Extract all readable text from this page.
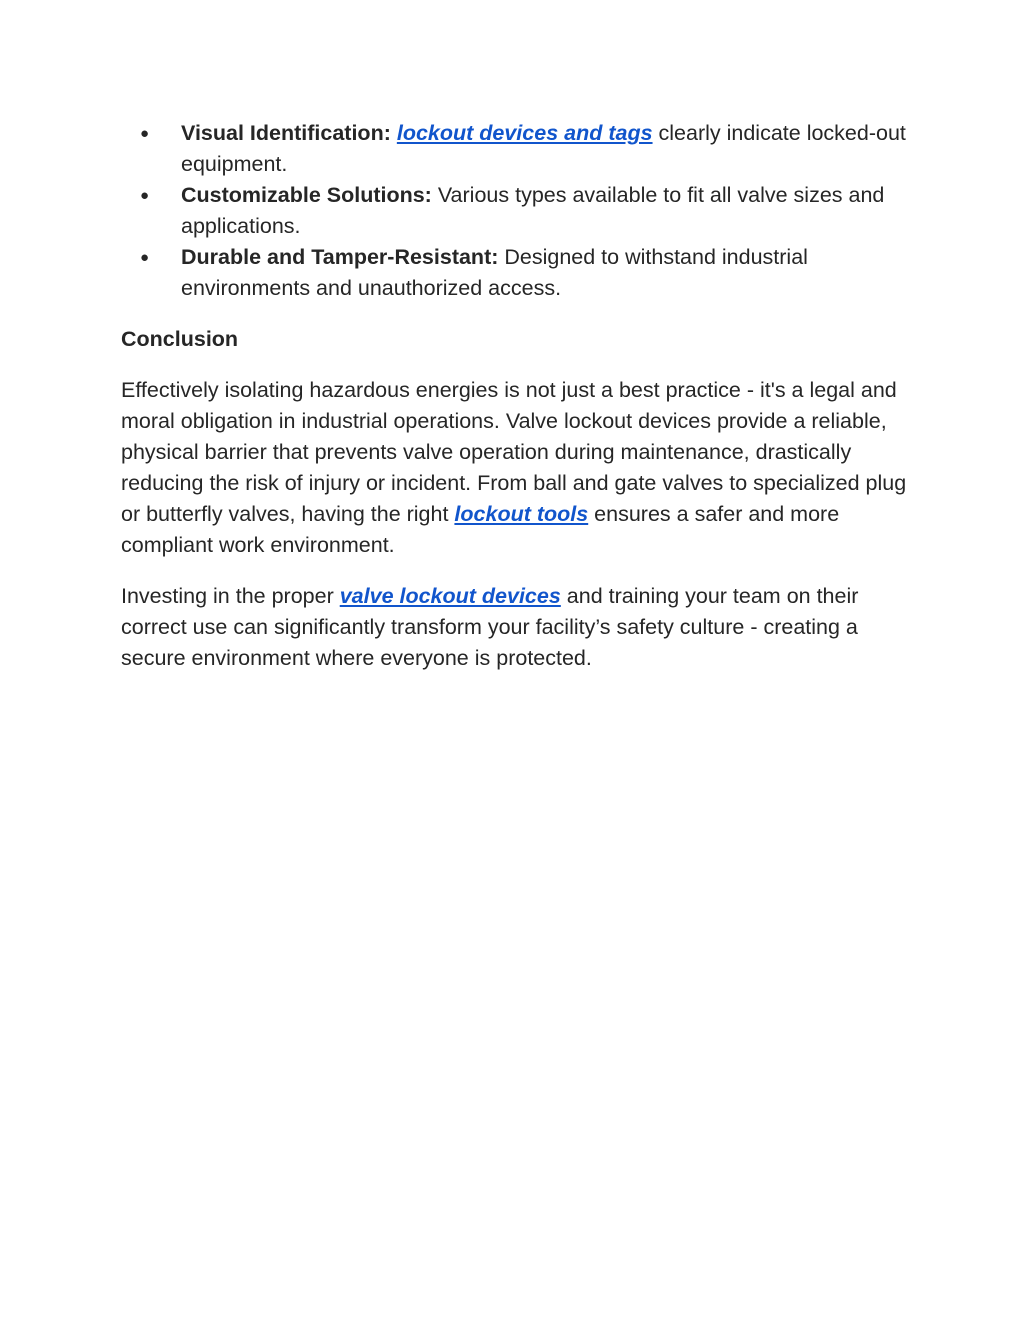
● Visual Identification: lockout devices and tags clearly indicate locked-out equipment.
● Customizable Solutions: Various types available to fit all valve sizes and applications.
● Durable and Tamper-Resistant: Designed to withstand industrial environments and unauthorized access.
Conclusion

Effectively isolating hazardous energies is not just a best practice - it's a legal and moral obligation in industrial operations. Valve lockout devices provide a reliable, physical barrier that prevents valve operation during maintenance, drastically reducing the risk of injury or incident. From ball and gate valves to specialized plug or butterfly valves, having the right lockout tools ensures a safer and more compliant work environment.

Investing in the proper valve lockout devices and training your team on their correct use can significantly transform your facility’s safety culture - creating a secure environment where everyone is protected.
